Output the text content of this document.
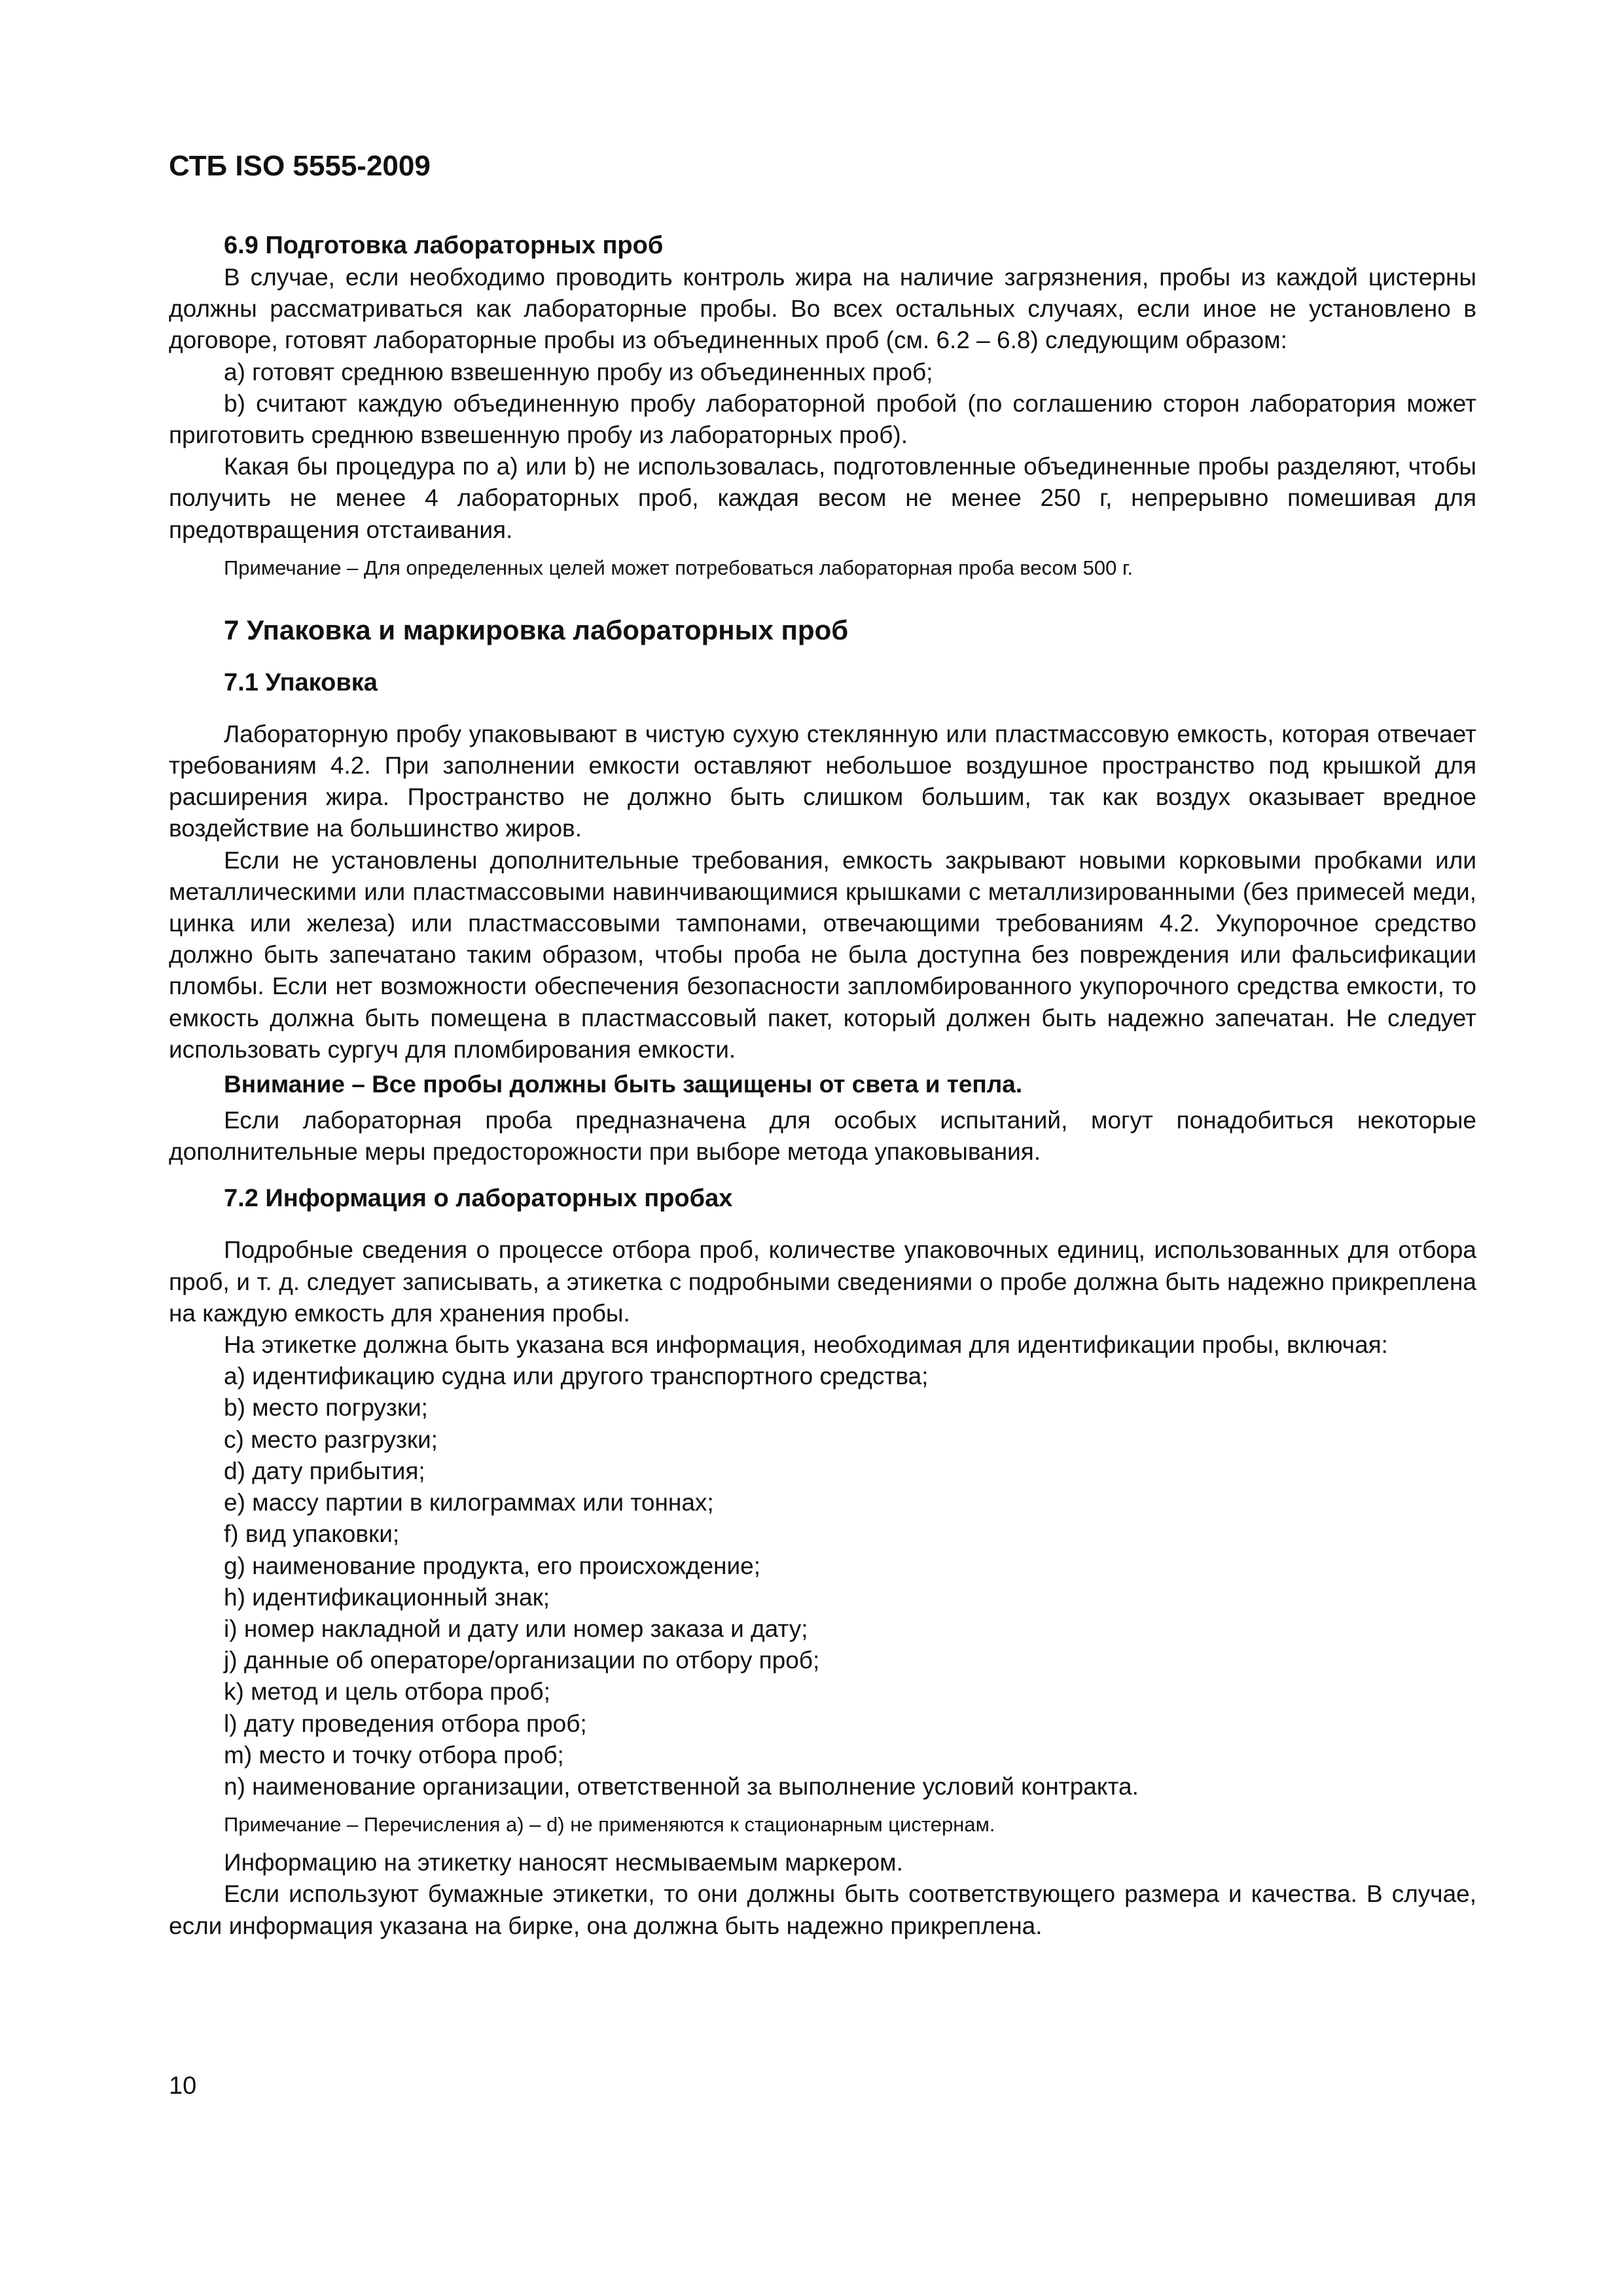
СТБ ISO 5555-2009
6.9 Подготовка лабораторных проб

В случае, если необходимо проводить контроль жира на наличие загрязнения, пробы из каждой цистерны должны рассматриваться как лабораторные пробы. Во всех остальных случаях, если иное не установлено в договоре, готовят лабораторные пробы из объединенных проб (см. 6.2 – 6.8) следующим образом:

a) готовят среднюю взвешенную пробу из объединенных проб;
b) считают каждую объединенную пробу лабораторной пробой (по соглашению сторон лаборатория может приготовить среднюю взвешенную пробу из лабораторных проб).

Какая бы процедура по a) или b) не использовалась, подготовленные объединенные пробы разделяют, чтобы получить не менее 4 лабораторных проб, каждая весом не менее 250 г, непрерывно помешивая для предотвращения отстаивания.

Примечание – Для определенных целей может потребоваться лабораторная проба весом 500 г.
7 Упаковка и маркировка лабораторных проб
7.1 Упаковка

Лабораторную пробу упаковывают в чистую сухую стеклянную или пластмассовую емкость, которая отвечает требованиям 4.2. При заполнении емкости оставляют небольшое воздушное пространство под крышкой для расширения жира. Пространство не должно быть слишком большим, так как воздух оказывает вредное воздействие на большинство жиров.

Если не установлены дополнительные требования, емкость закрывают новыми корковыми пробками или металлическими или пластмассовыми навинчивающимися крышками с металлизированными (без примесей меди, цинка или железа) или пластмассовыми тампонами, отвечающими требованиям 4.2. Укупорочное средство должно быть запечатано таким образом, чтобы проба не была доступна без повреждения или фальсификации пломбы. Если нет возможности обеспечения безопасности запломбированного укупорочного средства емкости, то емкость должна быть помещена в пластмассовый пакет, который должен быть надежно запечатан. Не следует использовать сургуч для пломбирования емкости.

Внимание – Все пробы должны быть защищены от света и тепла.

Если лабораторная проба предназначена для особых испытаний, могут понадобиться некоторые дополнительные меры предосторожности при выборе метода упаковывания.

7.2 Информация о лабораторных пробах

Подробные сведения о процессе отбора проб, количестве упаковочных единиц, использованных для отбора проб, и т. д. следует записывать, а этикетка с подробными сведениями о пробе должна быть надежно прикреплена на каждую емкость для хранения пробы.

На этикетке должна быть указана вся информация, необходимая для идентификации пробы, включая:

a) идентификацию судна или другого транспортного средства;
b) место погрузки;
c) место разгрузки;
d) дату прибытия;
e) массу партии в килограммах или тоннах;
f) вид упаковки;
g) наименование продукта, его происхождение;
h) идентификационный знак;
i) номер накладной и дату или номер заказа и дату;
j) данные об операторе/организации по отбору проб;
k) метод и цель отбора проб;
l) дату проведения отбора проб;
m) место и точку отбора проб;
n) наименование организации, ответственной за выполнение условий контракта.
Примечание – Перечисления a) – d) не применяются к стационарным цистернам.

Информацию на этикетку наносят несмываемым маркером.

Если используют бумажные этикетки, то они должны быть соответствующего размера и качества. В случае, если информация указана на бирке, она должна быть надежно прикреплена.

10
